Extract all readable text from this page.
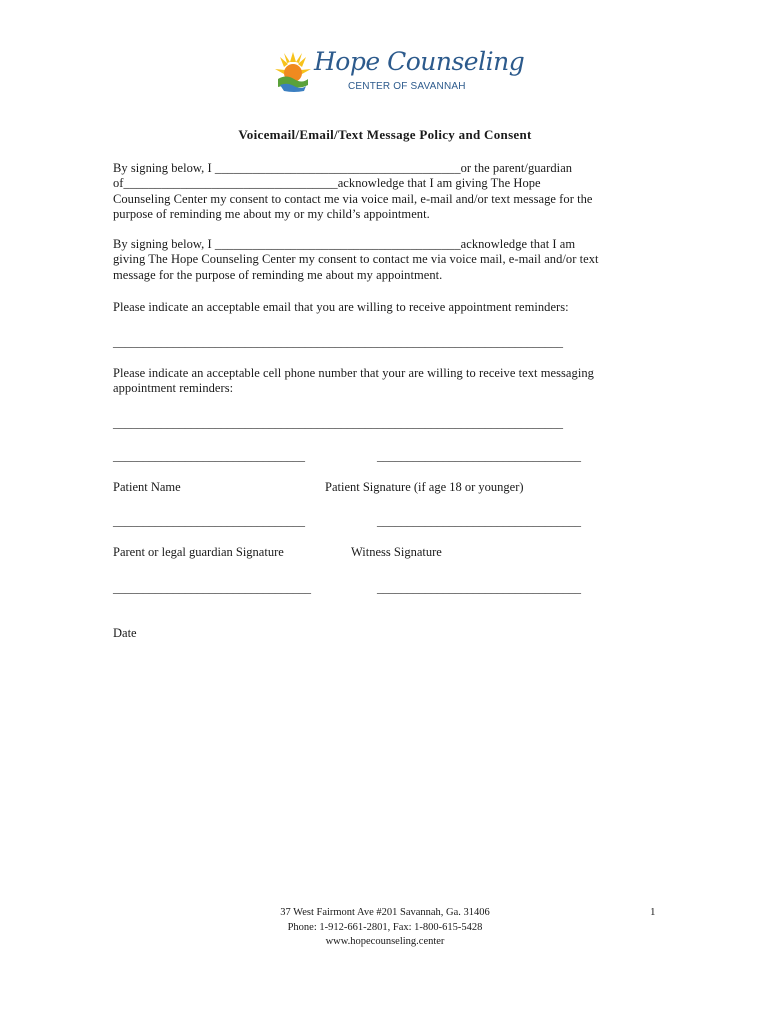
Hope Counseling
CENTER OF SAVANNAH
Voicemail/Email/Text Message Policy and Consent
By signing below, I _______________________________________or the parent/guardian
of__________________________________acknowledge that I am giving The Hope
Counseling Center my consent to contact me via voice mail, e-mail and/or text message for the
purpose of reminding me about my or my child’s appointment.
By signing below, I _______________________________________acknowledge that I am
giving The Hope Counseling Center my consent to contact me via voice mail, e-mail and/or text
message for the purpose of reminding me about my appointment.
Please indicate an acceptable email that you are willing to receive appointment reminders:
___________________________________________________________________________
Please indicate an acceptable cell phone number that your are willing to receive text messaging
appointment reminders:
___________________________________________________________________________
________________________________	__________________________________
Patient Name	Patient Signature (if age 18 or younger)
________________________________	__________________________________
Parent or legal guardian Signature	Witness Signature
_________________________________	__________________________________
Date
37 West Fairmont Ave #201 Savannah, Ga. 31406
Phone: 1-912-661-2801, Fax: 1-800-615-5428
www.hopecounseling.center
1
